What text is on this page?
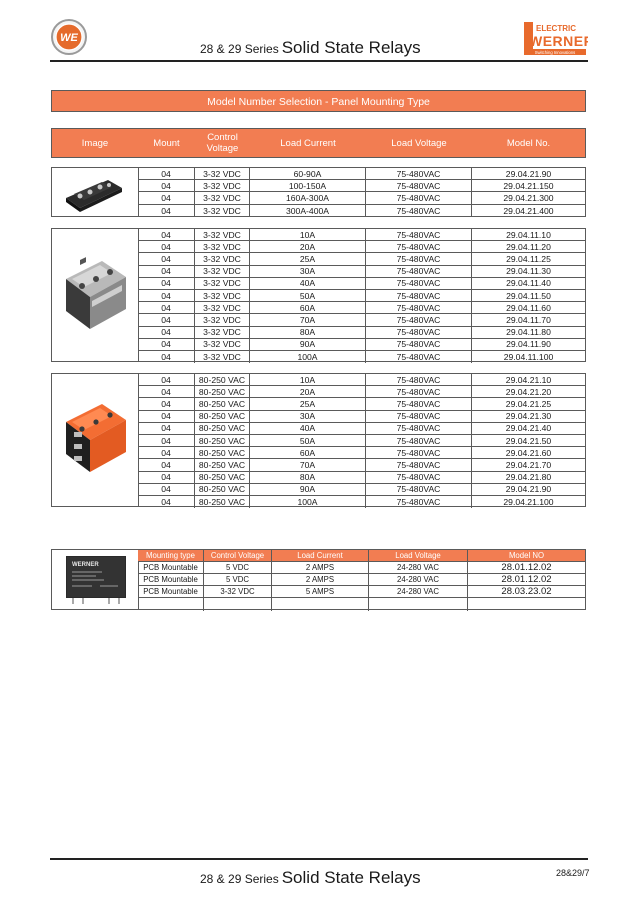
WE
28 & 29 Series Solid State Relays
ELECTRIC
WERNER
Switching Innovations
Model Number Selection - Panel Mounting Type
Image	Mount	Control Voltage	Load Current	Load Voltage	Model No.
04	3-32 VDC	60-90A	75-480VAC	29.04.21.90
04	3-32 VDC	100-150A	75-480VAC	29.04.21.150
04	3-32 VDC	160A-300A	75-480VAC	29.04.21.300
04	3-32 VDC	300A-400A	75-480VAC	29.04.21.400
04	3-32 VDC	10A	75-480VAC	29.04.11.10
04	3-32 VDC	20A	75-480VAC	29.04.11.20
04	3-32 VDC	25A	75-480VAC	29.04.11.25
04	3-32 VDC	30A	75-480VAC	29.04.11.30
04	3-32 VDC	40A	75-480VAC	29.04.11.40
04	3-32 VDC	50A	75-480VAC	29.04.11.50
04	3-32 VDC	60A	75-480VAC	29.04.11.60
04	3-32 VDC	70A	75-480VAC	29.04.11.70
04	3-32 VDC	80A	75-480VAC	29.04.11.80
04	3-32 VDC	90A	75-480VAC	29.04.11.90
04	3-32 VDC	100A	75-480VAC	29.04.11.100
04	80-250 VAC	10A	75-480VAC	29.04.21.10
04	80-250 VAC	20A	75-480VAC	29.04.21.20
04	80-250 VAC	25A	75-480VAC	29.04.21.25
04	80-250 VAC	30A	75-480VAC	29.04.21.30
04	80-250 VAC	40A	75-480VAC	29.04.21.40
04	80-250 VAC	50A	75-480VAC	29.04.21.50
04	80-250 VAC	60A	75-480VAC	29.04.21.60
04	80-250 VAC	70A	75-480VAC	29.04.21.70
04	80-250 VAC	80A	75-480VAC	29.04.21.80
04	80-250 VAC	90A	75-480VAC	29.04.21.90
04	80-250 VAC	100A	75-480VAC	29.04.21.100
WERNER
Mounting type	Control Voltage	Load Current	Load Voltage	Model NO
PCB Mountable	5 VDC	2 AMPS	24-280 VAC	28.01.12.02
PCB Mountable	5 VDC	2 AMPS	24-280 VAC	28.01.12.02
PCB Mountable	3-32 VDC	5 AMPS	24-280 VAC	28.03.23.02
28 & 29 Series Solid State Relays	28&29/7
